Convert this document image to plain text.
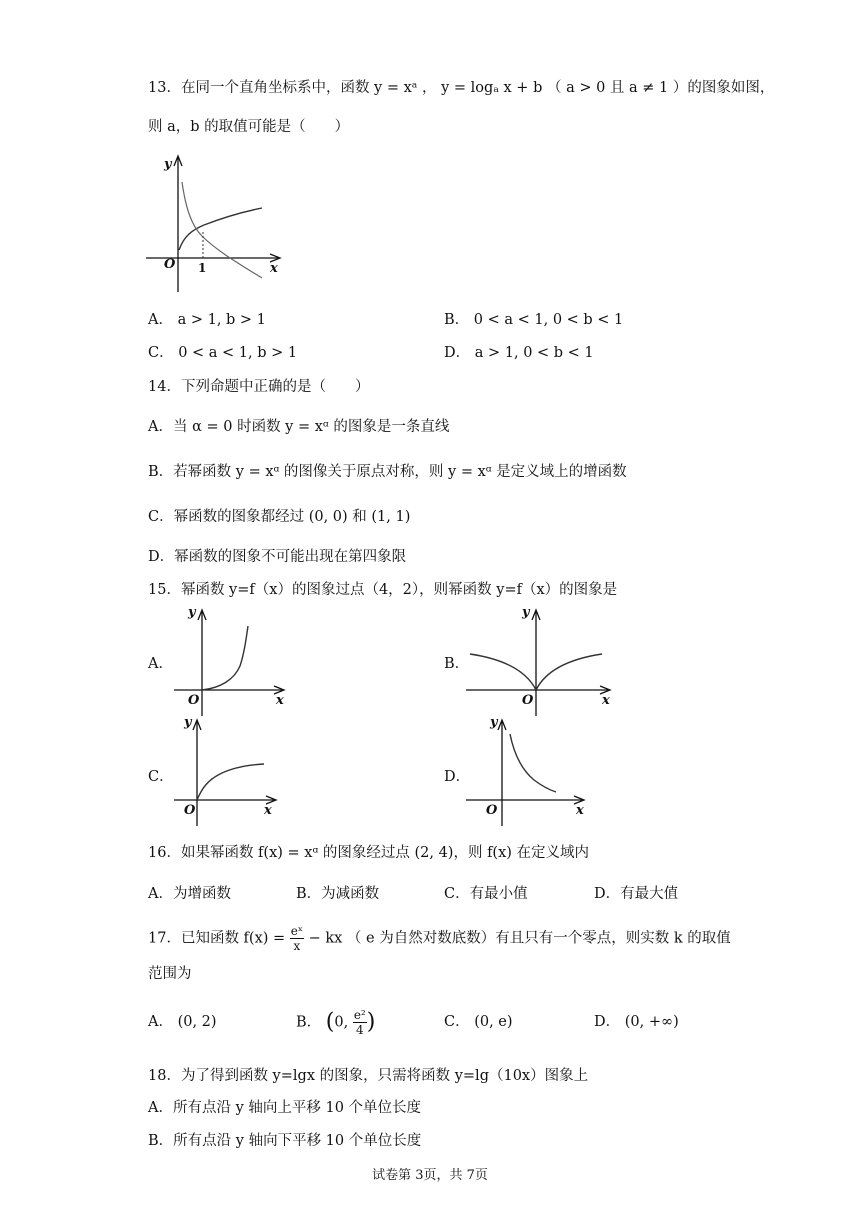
13．在同一个直角坐标系中，函数 y = xᵃ ， y = logₐ x + b （ a > 0 且 a ≠ 1 ）的图象如图，
则 a，b 的取值可能是（　　）
y
O 1	x
A． a > 1, b > 1	B． 0 < a < 1, 0 < b < 1
C． 0 < a < 1, b > 1	D． a > 1, 0 < b < 1
14．下列命题中正确的是（　　）
A．当 α = 0 时函数 y = xᵅ 的图象是一条直线
B．若幂函数 y = xᵅ 的图像关于原点对称，则 y = xᵅ 是定义域上的增函数
C．幂函数的图象都经过 (0, 0) 和 (1, 1)
D．幂函数的图象不可能出现在第四象限
15．幂函数 y=f（x）的图象过点（4，2），则幂函数 y=f（x）的图象是
A．
y
O	x
B．
y
O	x
C．
y
O	x
D．
y
O	x
16．如果幂函数 f(x) = xᵅ 的图象经过点 (2, 4)，则 f(x) 在定义域内
A．为增函数	B．为减函数	C．有最小值	D．有最大值
17．已知函数 $f(x) = \frac{\text{eˣ}}{x}$ − kx （ e 为自然对数底数）有且只有一个零点，则实数 k 的取值
范围为
A． (0, 2)	B． (0, $\frac{\text{e²}}{4}$ )	C． (0, e)	D． (0, +∞)
18．为了得到函数 y=lgx 的图象，只需将函数 y=lg（10x）图象上
A．所有点沿 y 轴向上平移 10 个单位长度
B．所有点沿 y 轴向下平移 10 个单位长度
试卷第 3页，共 7页
